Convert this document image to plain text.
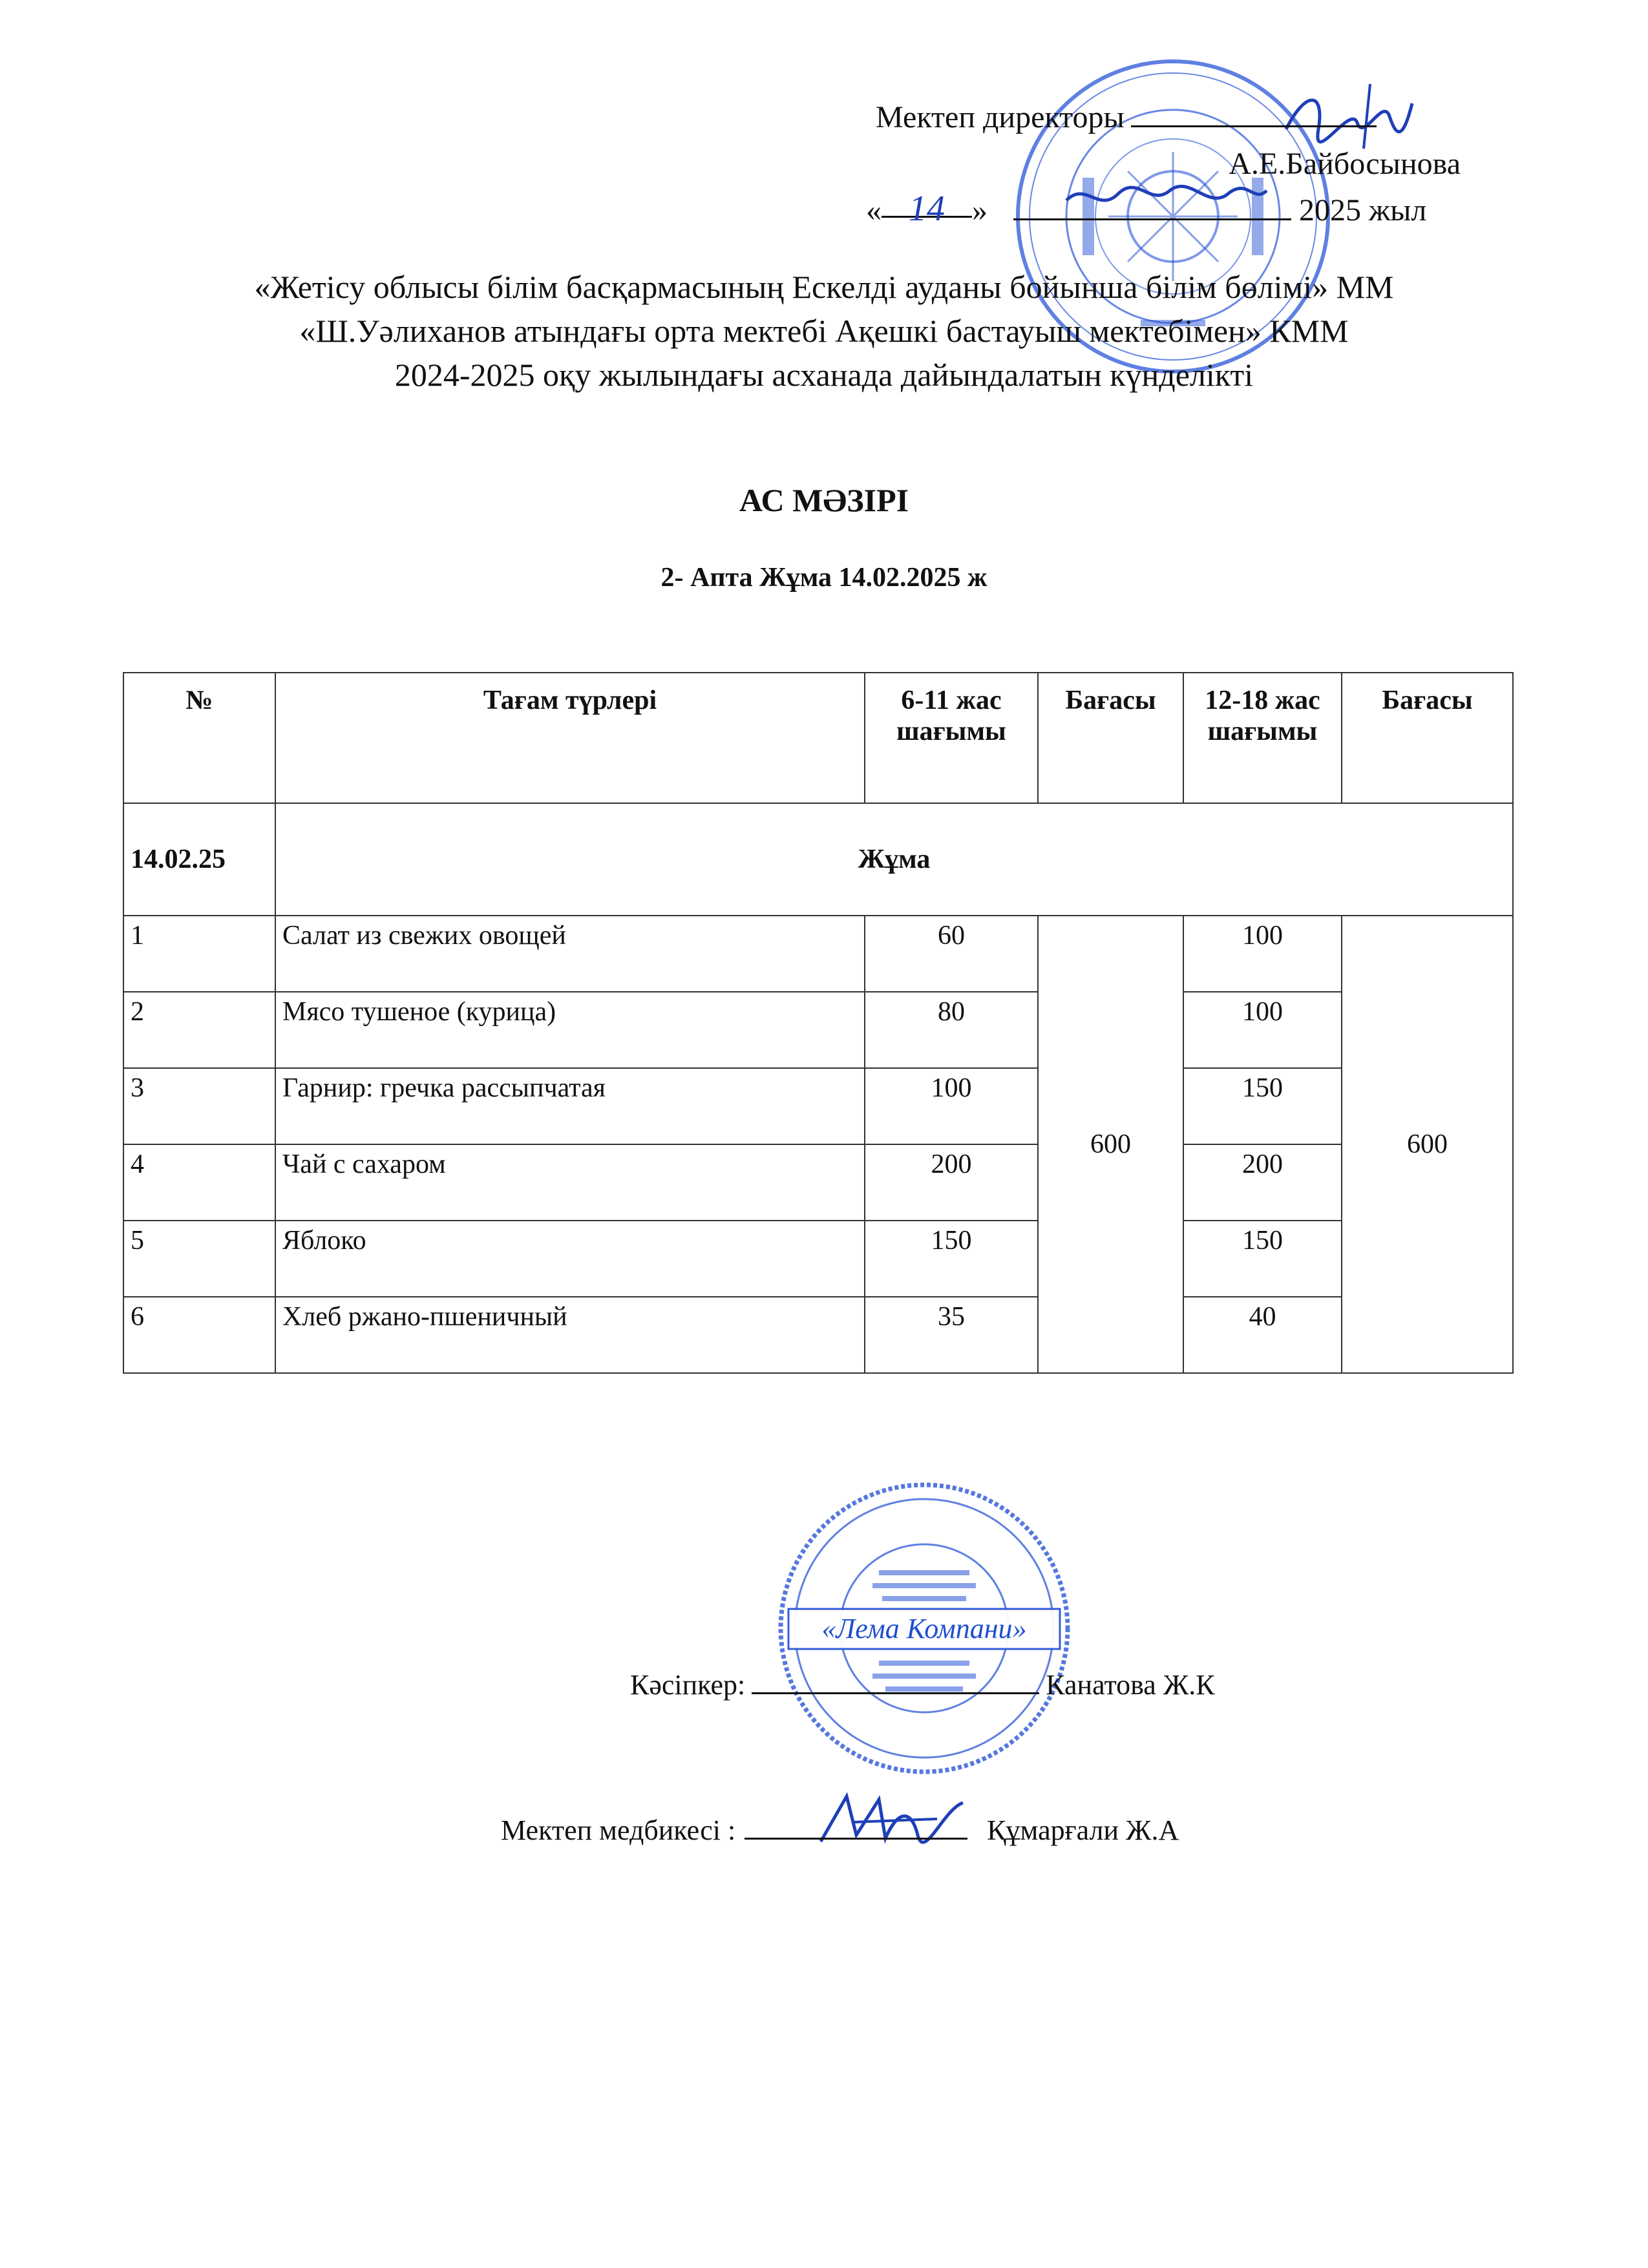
Мектеп директоры
А.Е.Байбосынова
« 14 »	2025 жыл
«Жетісу облысы білім басқармасының Ескелді ауданы бойынша білім бөлімі» ММ
«Ш.Уәлиханов атындағы орта мектебі Ақешкі бастауыш мектебімен» КММ
2024-2025 оқу жылындағы асханада дайындалатын күнделікті
АС МӘЗІРІ
2- Апта Жұма 14.02.2025 ж
№	Тағам түрлері	6-11 жас шағымы	Бағасы	12-18 жас шағымы	Бағасы
14.02.25	Жұма				
1	Салат из свежих овощей	60	600	100	600
2	Мясо тушеное (курица)	80		100	
3	Гарнир: гречка рассыпчатая	100		150	
4	Чай с сахаром	200		200	
5	Яблоко	150		150	
6	Хлеб ржано-пшеничный	35		40	
«Лема Компани»
Кәсіпкер:	Канатова Ж.К
Мектеп медбикесі :	Құмарғали Ж.А
